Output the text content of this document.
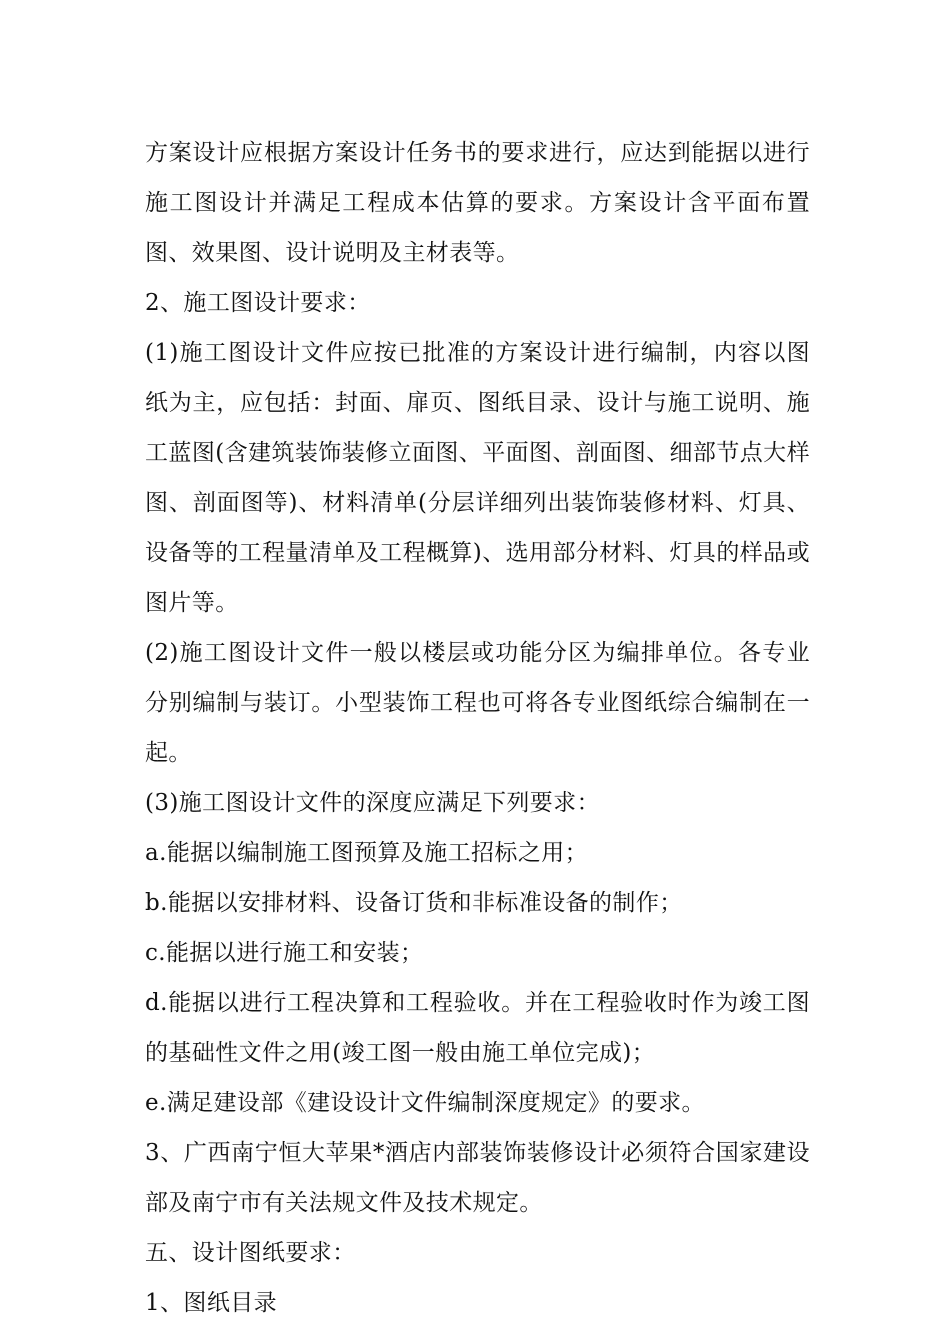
方案设计应根据方案设计任务书的要求进行，应达到能据以进行施工图设计并满足工程成本估算的要求。方案设计含平面布置图、效果图、设计说明及主材表等。

2、施工图设计要求：

(1)施工图设计文件应按已批准的方案设计进行编制，内容以图纸为主，应包括：封面、扉页、图纸目录、设计与施工说明、施工蓝图(含建筑装饰装修立面图、平面图、剖面图、细部节点大样图、剖面图等)、材料清单(分层详细列出装饰装修材料、灯具、设备等的工程量清单及工程概算)、选用部分材料、灯具的样品或图片等。

(2)施工图设计文件一般以楼层或功能分区为编排单位。各专业分别编制与装订。小型装饰工程也可将各专业图纸综合编制在一起。

(3)施工图设计文件的深度应满足下列要求：

a.能据以编制施工图预算及施工招标之用；

b.能据以安排材料、设备订货和非标准设备的制作；

c.能据以进行施工和安装；

d.能据以进行工程决算和工程验收。并在工程验收时作为竣工图的基础性文件之用(竣工图一般由施工单位完成)；

e.满足建设部《建设设计文件编制深度规定》的要求。

3、广西南宁恒大苹果*酒店内部装饰装修设计必须符合国家建设部及南宁市有关法规文件及技术规定。

五、设计图纸要求：

1、图纸目录
